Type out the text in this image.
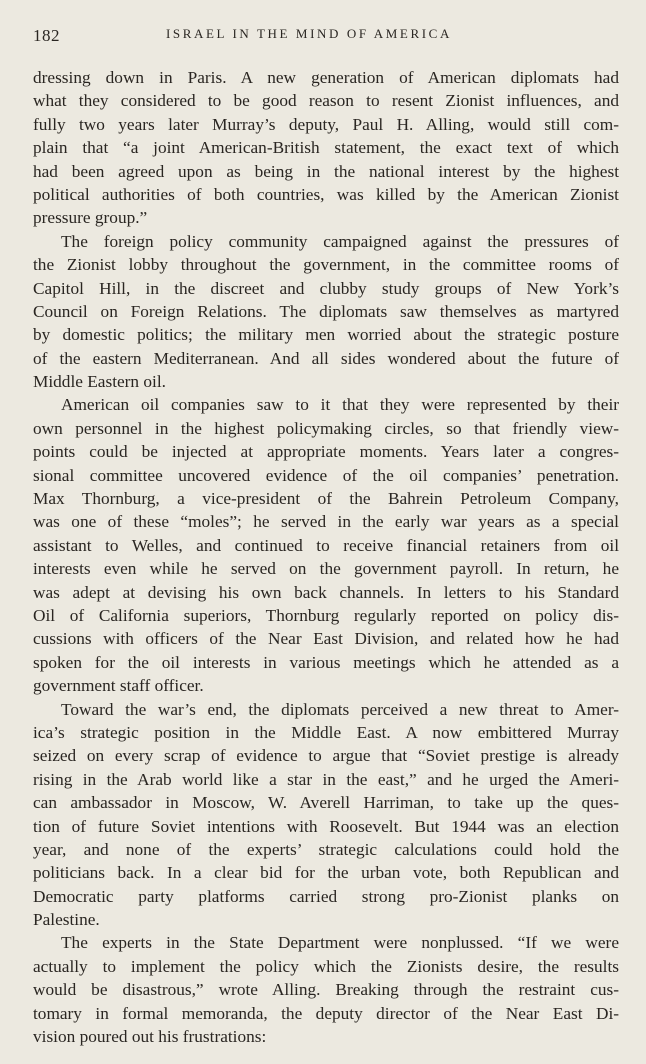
182	ISRAEL IN THE MIND OF AMERICA
dressing down in Paris. A new generation of American diplomats had
what they considered to be good reason to resent Zionist influences, and
fully two years later Murray’s deputy, Paul H. Alling, would still com-
plain that “a joint American-British statement, the exact text of which
had been agreed upon as being in the national interest by the highest
political authorities of both countries, was killed by the American Zionist
pressure group.”
The foreign policy community campaigned against the pressures of
the Zionist lobby throughout the government, in the committee rooms of
Capitol Hill, in the discreet and clubby study groups of New York’s
Council on Foreign Relations. The diplomats saw themselves as martyred
by domestic politics; the military men worried about the strategic posture
of the eastern Mediterranean. And all sides wondered about the future of
Middle Eastern oil.
American oil companies saw to it that they were represented by their
own personnel in the highest policymaking circles, so that friendly view-
points could be injected at appropriate moments. Years later a congres-
sional committee uncovered evidence of the oil companies’ penetration.
Max Thornburg, a vice-president of the Bahrein Petroleum Company,
was one of these “moles”; he served in the early war years as a special
assistant to Welles, and continued to receive financial retainers from oil
interests even while he served on the government payroll. In return, he
was adept at devising his own back channels. In letters to his Standard
Oil of California superiors, Thornburg regularly reported on policy dis-
cussions with officers of the Near East Division, and related how he had
spoken for the oil interests in various meetings which he attended as a
government staff officer.
Toward the war’s end, the diplomats perceived a new threat to Amer-
ica’s strategic position in the Middle East. A now embittered Murray
seized on every scrap of evidence to argue that “Soviet prestige is already
rising in the Arab world like a star in the east,” and he urged the Ameri-
can ambassador in Moscow, W. Averell Harriman, to take up the ques-
tion of future Soviet intentions with Roosevelt. But 1944 was an election
year, and none of the experts’ strategic calculations could hold the
politicians back. In a clear bid for the urban vote, both Republican and
Democratic party platforms carried strong pro-Zionist planks on
Palestine.
The experts in the State Department were nonplussed. “If we were
actually to implement the policy which the Zionists desire, the results
would be disastrous,” wrote Alling. Breaking through the restraint cus-
tomary in formal memoranda, the deputy director of the Near East Di-
vision poured out his frustrations:
